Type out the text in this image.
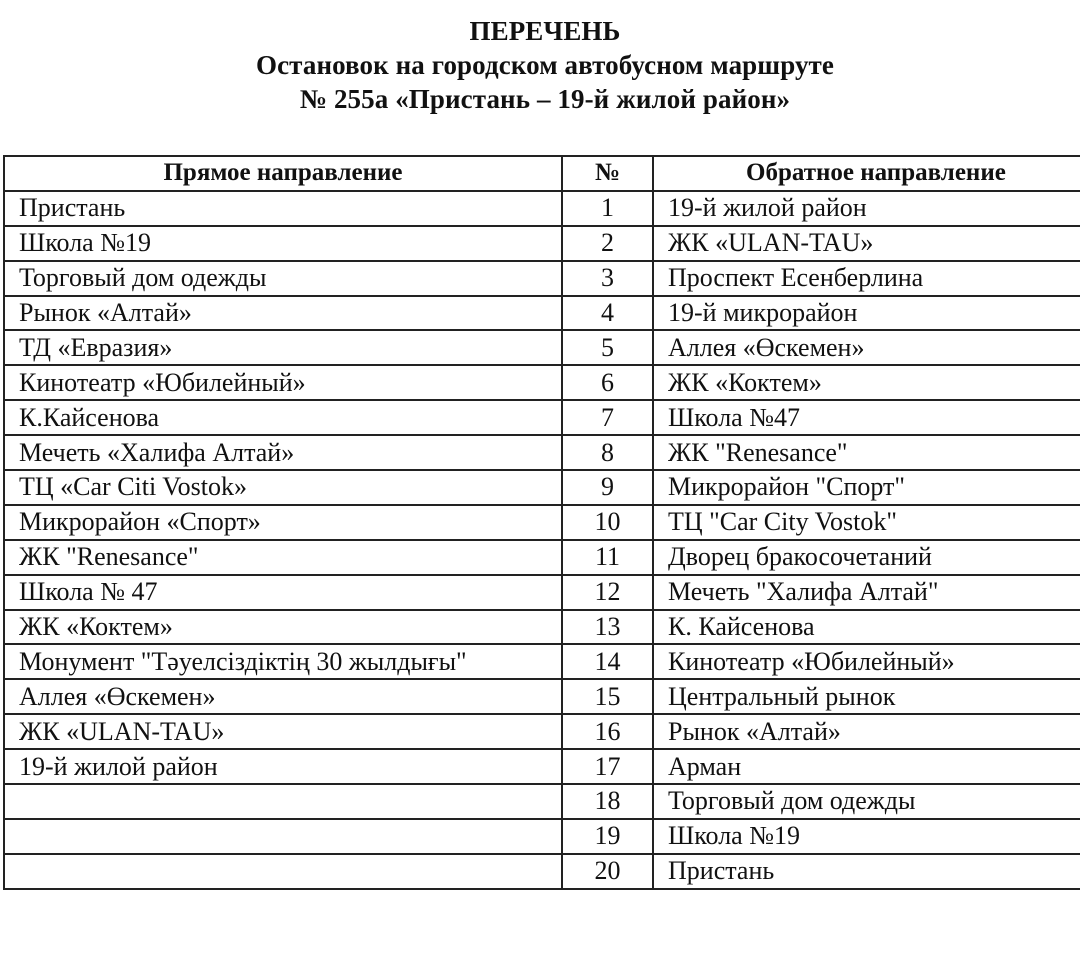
ПЕРЕЧЕНЬ
Остановок на городском автобусном маршруте
№ 255а «Пристань – 19-й жилой район»
Прямое направление	№	Обратное направление
Пристань	1	19-й жилой район
Школа №19	2	ЖК «ULAN-TAU»
Торговый дом одежды	3	Проспект Есенберлина
Рынок «Алтай»	4	19-й микрорайон
ТД «Евразия»	5	Аллея «Өскемен»
Кинотеатр «Юбилейный»	6	ЖК «Коктем»
К.Кайсенова	7	Школа №47
Мечеть «Халифа Алтай»	8	ЖК "Renesance"
ТЦ «Car Citi Vostok»	9	Микрорайон "Спорт"
Микрорайон «Спорт»	10	ТЦ "Car City Vostok"
ЖК "Renesance"	11	Дворец бракосочетаний
Школа № 47	12	Мечеть "Халифа Алтай"
ЖК «Коктем»	13	К. Кайсенова
Монумент "Тәуелсіздіктің 30 жылдығы"	14	Кинотеатр «Юбилейный»
Аллея «Өскемен»	15	Центральный рынок
ЖК «ULAN-TAU»	16	Рынок «Алтай»
19-й жилой район	17	Арман
	18	Торговый дом одежды
	19	Школа №19
	20	Пристань
